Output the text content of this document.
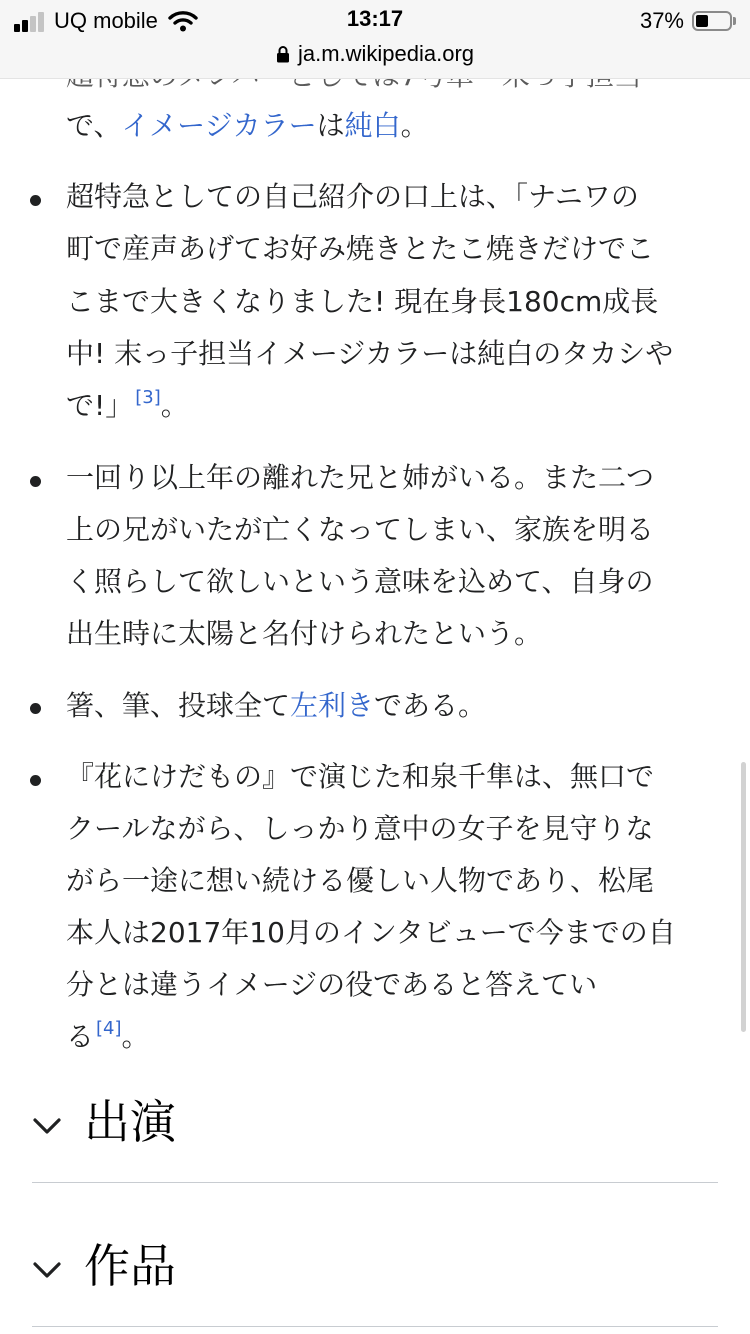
で、イメージカラーは純白。
超特急としての自己紹介の口上は、「ナニワの
町で産声あげてお好み焼きとたこ焼きだけでこ
こまで大きくなりました! 現在身長180cm成長
中! 末っ子担当イメージカラーは純白のタカシや
で!」 [3]。
一回り以上年の離れた兄と姉がいる。また二つ
上の兄がいたが亡くなってしまい、家族を明る
く照らして欲しいという意味を込めて、自身の
出生時に太陽と名付けられたという。
箸、筆、投球全て左利きである。
『花にけだもの』で演じた和泉千隼は、無口で
クールながら、しっかり意中の女子を見守りな
がら一途に想い続ける優しい人物であり、松尾
本人は2017年10月のインタビューで今までの自
分とは違うイメージの役であると答えてい
る [4]。
出演
作品
UQ mobile	13:17	37%
ja.m.wikipedia.org
